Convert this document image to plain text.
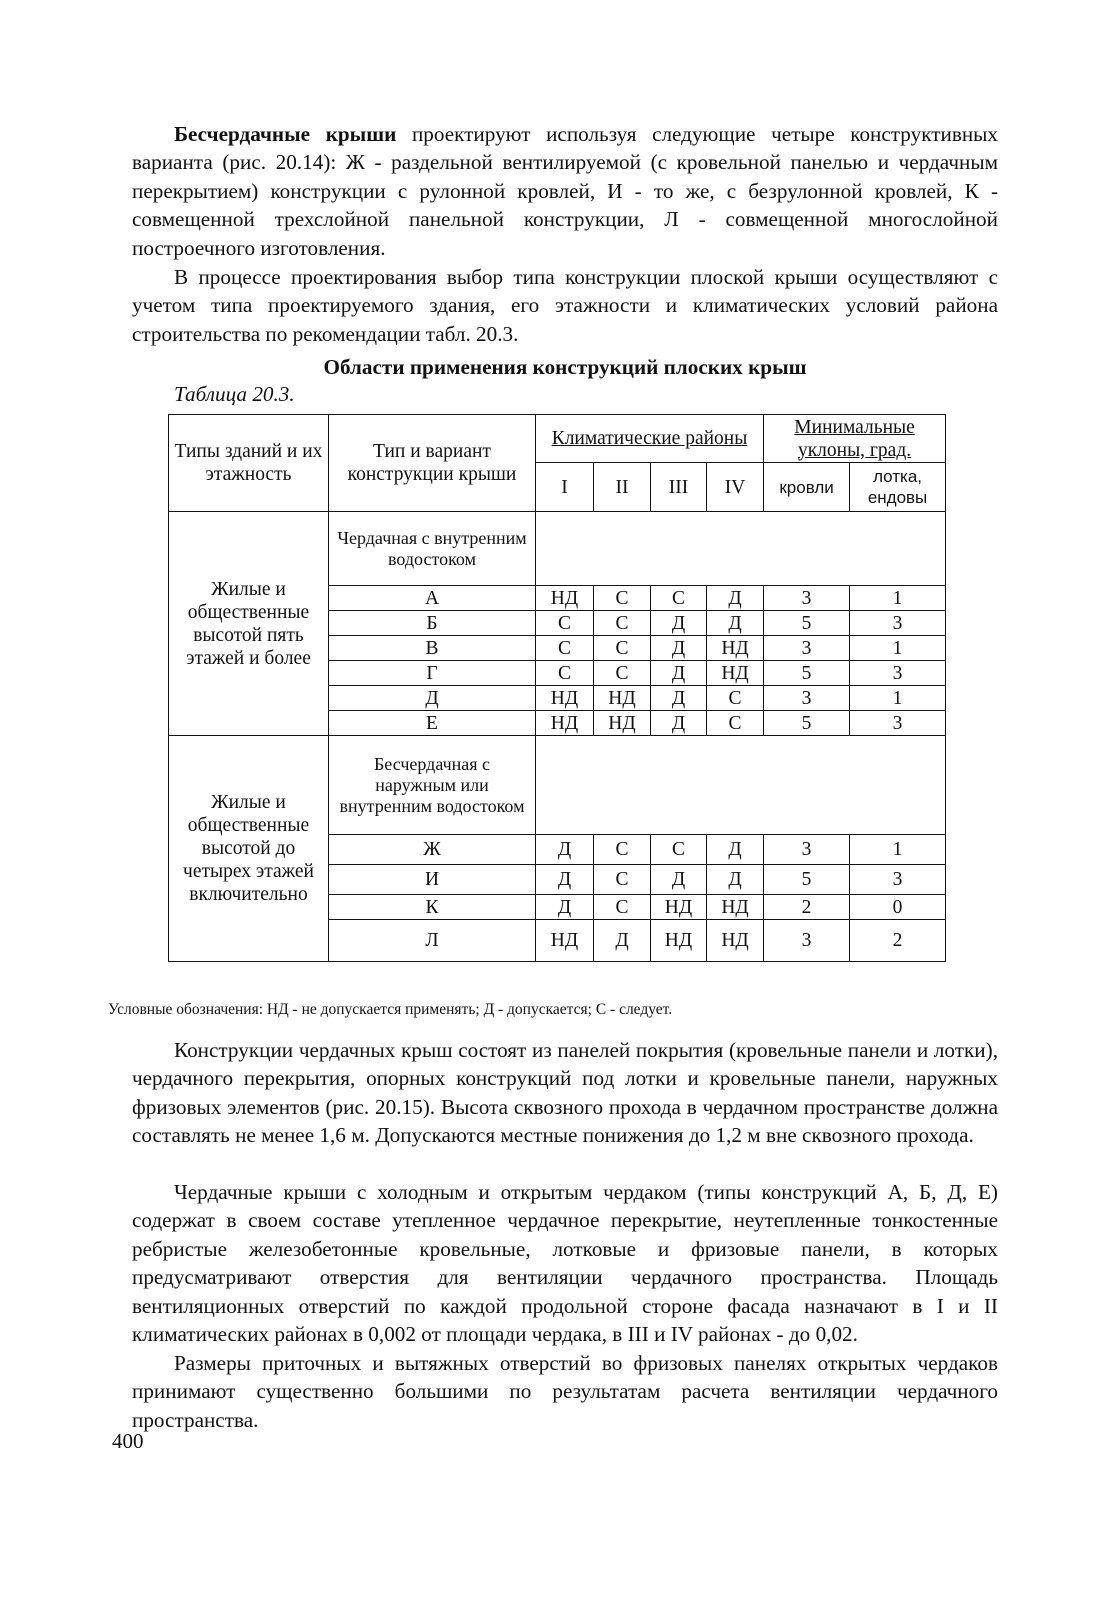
Бесчердачные крыши проектируют используя следующие четыре конструктивных варианта (рис. 20.14): Ж - раздельной вентилируемой (с кровельной панелью и чердачным перекрытием) конструкции с рулонной кровлей, И - то же, с безрулонной кровлей, К - совмещенной трехслойной панельной конструкции, Л - совмещенной многослойной построечного изготовления.

В процессе проектирования выбор типа конструкции плоской крыши осуществляют с учетом типа проектируемого здания, его этажности и климатических условий района строительства по рекомендации табл. 20.3.

Области применения конструкций плоских крыш
Таблица 20.3.
Типы зданий и их этажность	Тип и вариант конструкции крыши	Климатические районы				Минимальные уклоны, град.	
		I	II	III	IV	кровли	лотка, ендовы
Жилые и общественные высотой пять этажей и более	Чердачная с внутренним водостоком						
	А	НД	С	С	Д	3	1
	Б	С	С	Д	Д	5	3
	В	С	С	Д	НД	3	1
	Г	С	С	Д	НД	5	3
	Д	НД	НД	Д	С	3	1
	Е	НД	НД	Д	С	5	3
Жилые и общественные высотой до четырех этажей включительно	Бесчердачная с наружным или внутренним водостоком						
	Ж	Д	С	С	Д	3	1
	И	Д	С	Д	Д	5	3
	К	Д	С	НД	НД	2	0
	Л	НД	Д	НД	НД	3	2
Условные обозначения: НД - не допускается применять; Д - допускается; С - следует.

Конструкции чердачных крыш состоят из панелей покрытия (кровельные панели и лотки), чердачного перекрытия, опорных конструкций под лотки и кровельные панели, наружных фризовых элементов (рис. 20.15). Высота сквозного прохода в чердачном пространстве должна составлять не менее 1,6 м. Допускаются местные понижения до 1,2 м вне сквозного прохода.

Чердачные крыши с холодным и открытым чердаком (типы конструкций А, Б, Д, Е) содержат в своем составе утепленное чердачное перекрытие, неутепленные тонкостенные ребристые железобетонные кровельные, лотковые и фризовые панели, в которых предусматривают отверстия для вентиляции чердачного пространства. Площадь вентиляционных отверстий по каждой продольной стороне фасада назначают в I и II климатических районах в 0,002 от площади чердака, в III и IV районах - до 0,02.

Размеры приточных и вытяжных отверстий во фризовых панелях открытых чердаков принимают существенно большими по результатам расчета вентиляции чердачного пространства.

400
